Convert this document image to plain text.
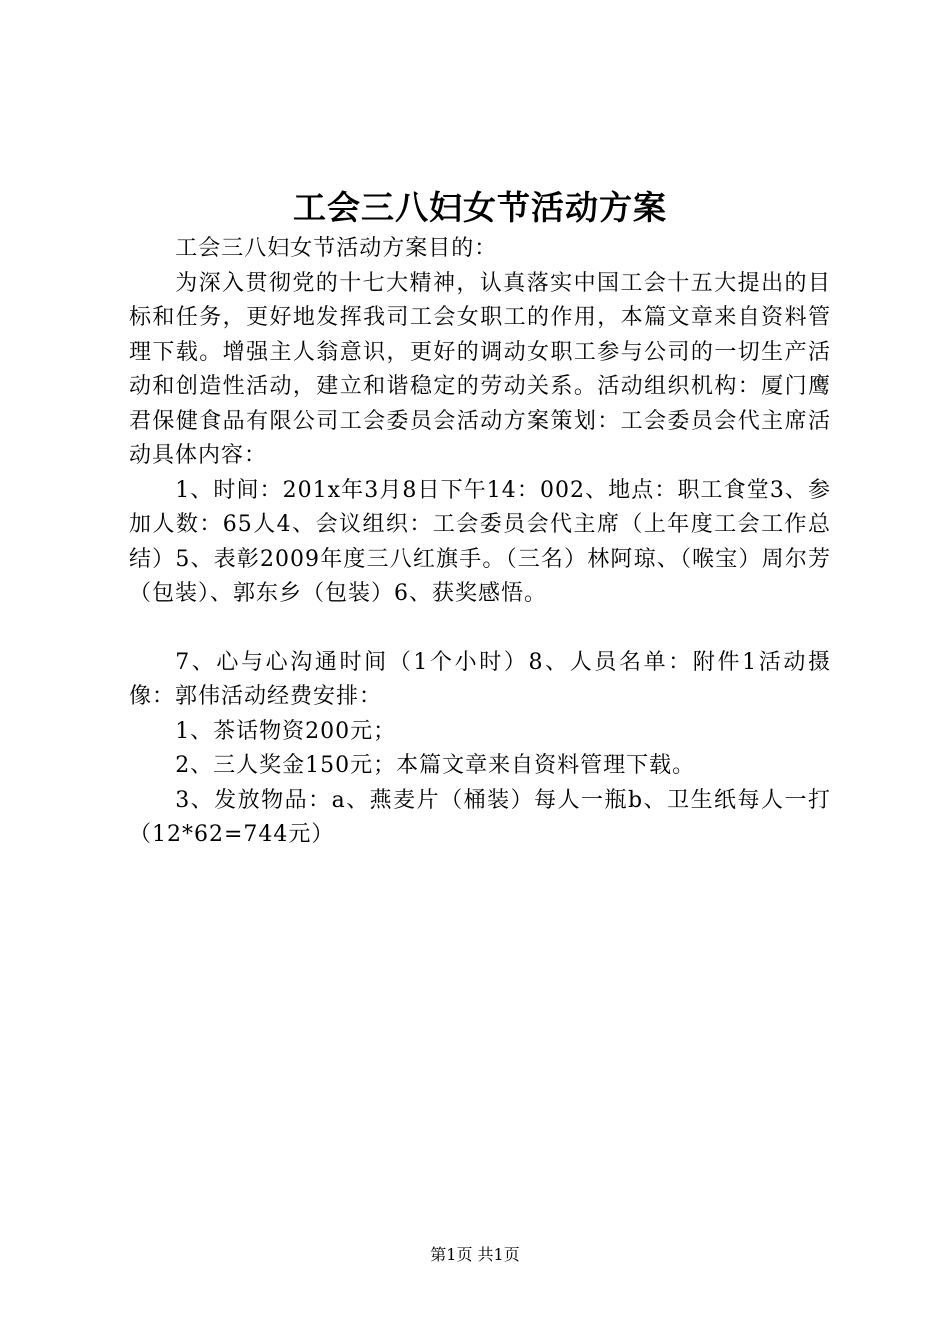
工会三八妇女节活动方案

工会三八妇女节活动方案目的：

为深入贯彻党的十七大精神，认真落实中国工会十五大提出的目标和任务，更好地发挥我司工会女职工的作用，本篇文章来自资料管理下载。增强主人翁意识，更好的调动女职工参与公司的一切生产活动和创造性活动，建立和谐稳定的劳动关系。活动组织机构：厦门鹰君保健食品有限公司工会委员会活动方案策划：工会委员会代主席活动具体内容：

1、时间：201x年3月8日下午14：002、地点：职工食堂3、参加人数：65人4、会议组织：工会委员会代主席（上年度工会工作总结）5、表彰2009年度三八红旗手。（三名）林阿琼、（喉宝）周尔芳（包装）、郭东乡（包装）6、获奖感悟。

7、心与心沟通时间（1个小时）8、人员名单：附件1活动摄像：郭伟活动经费安排：

1、茶话物资200元；

2、三人奖金150元；本篇文章来自资料管理下载。

3、发放物品：a、燕麦片（桶装）每人一瓶b、卫生纸每人一打（12*62=744元）

第1页 共1页
